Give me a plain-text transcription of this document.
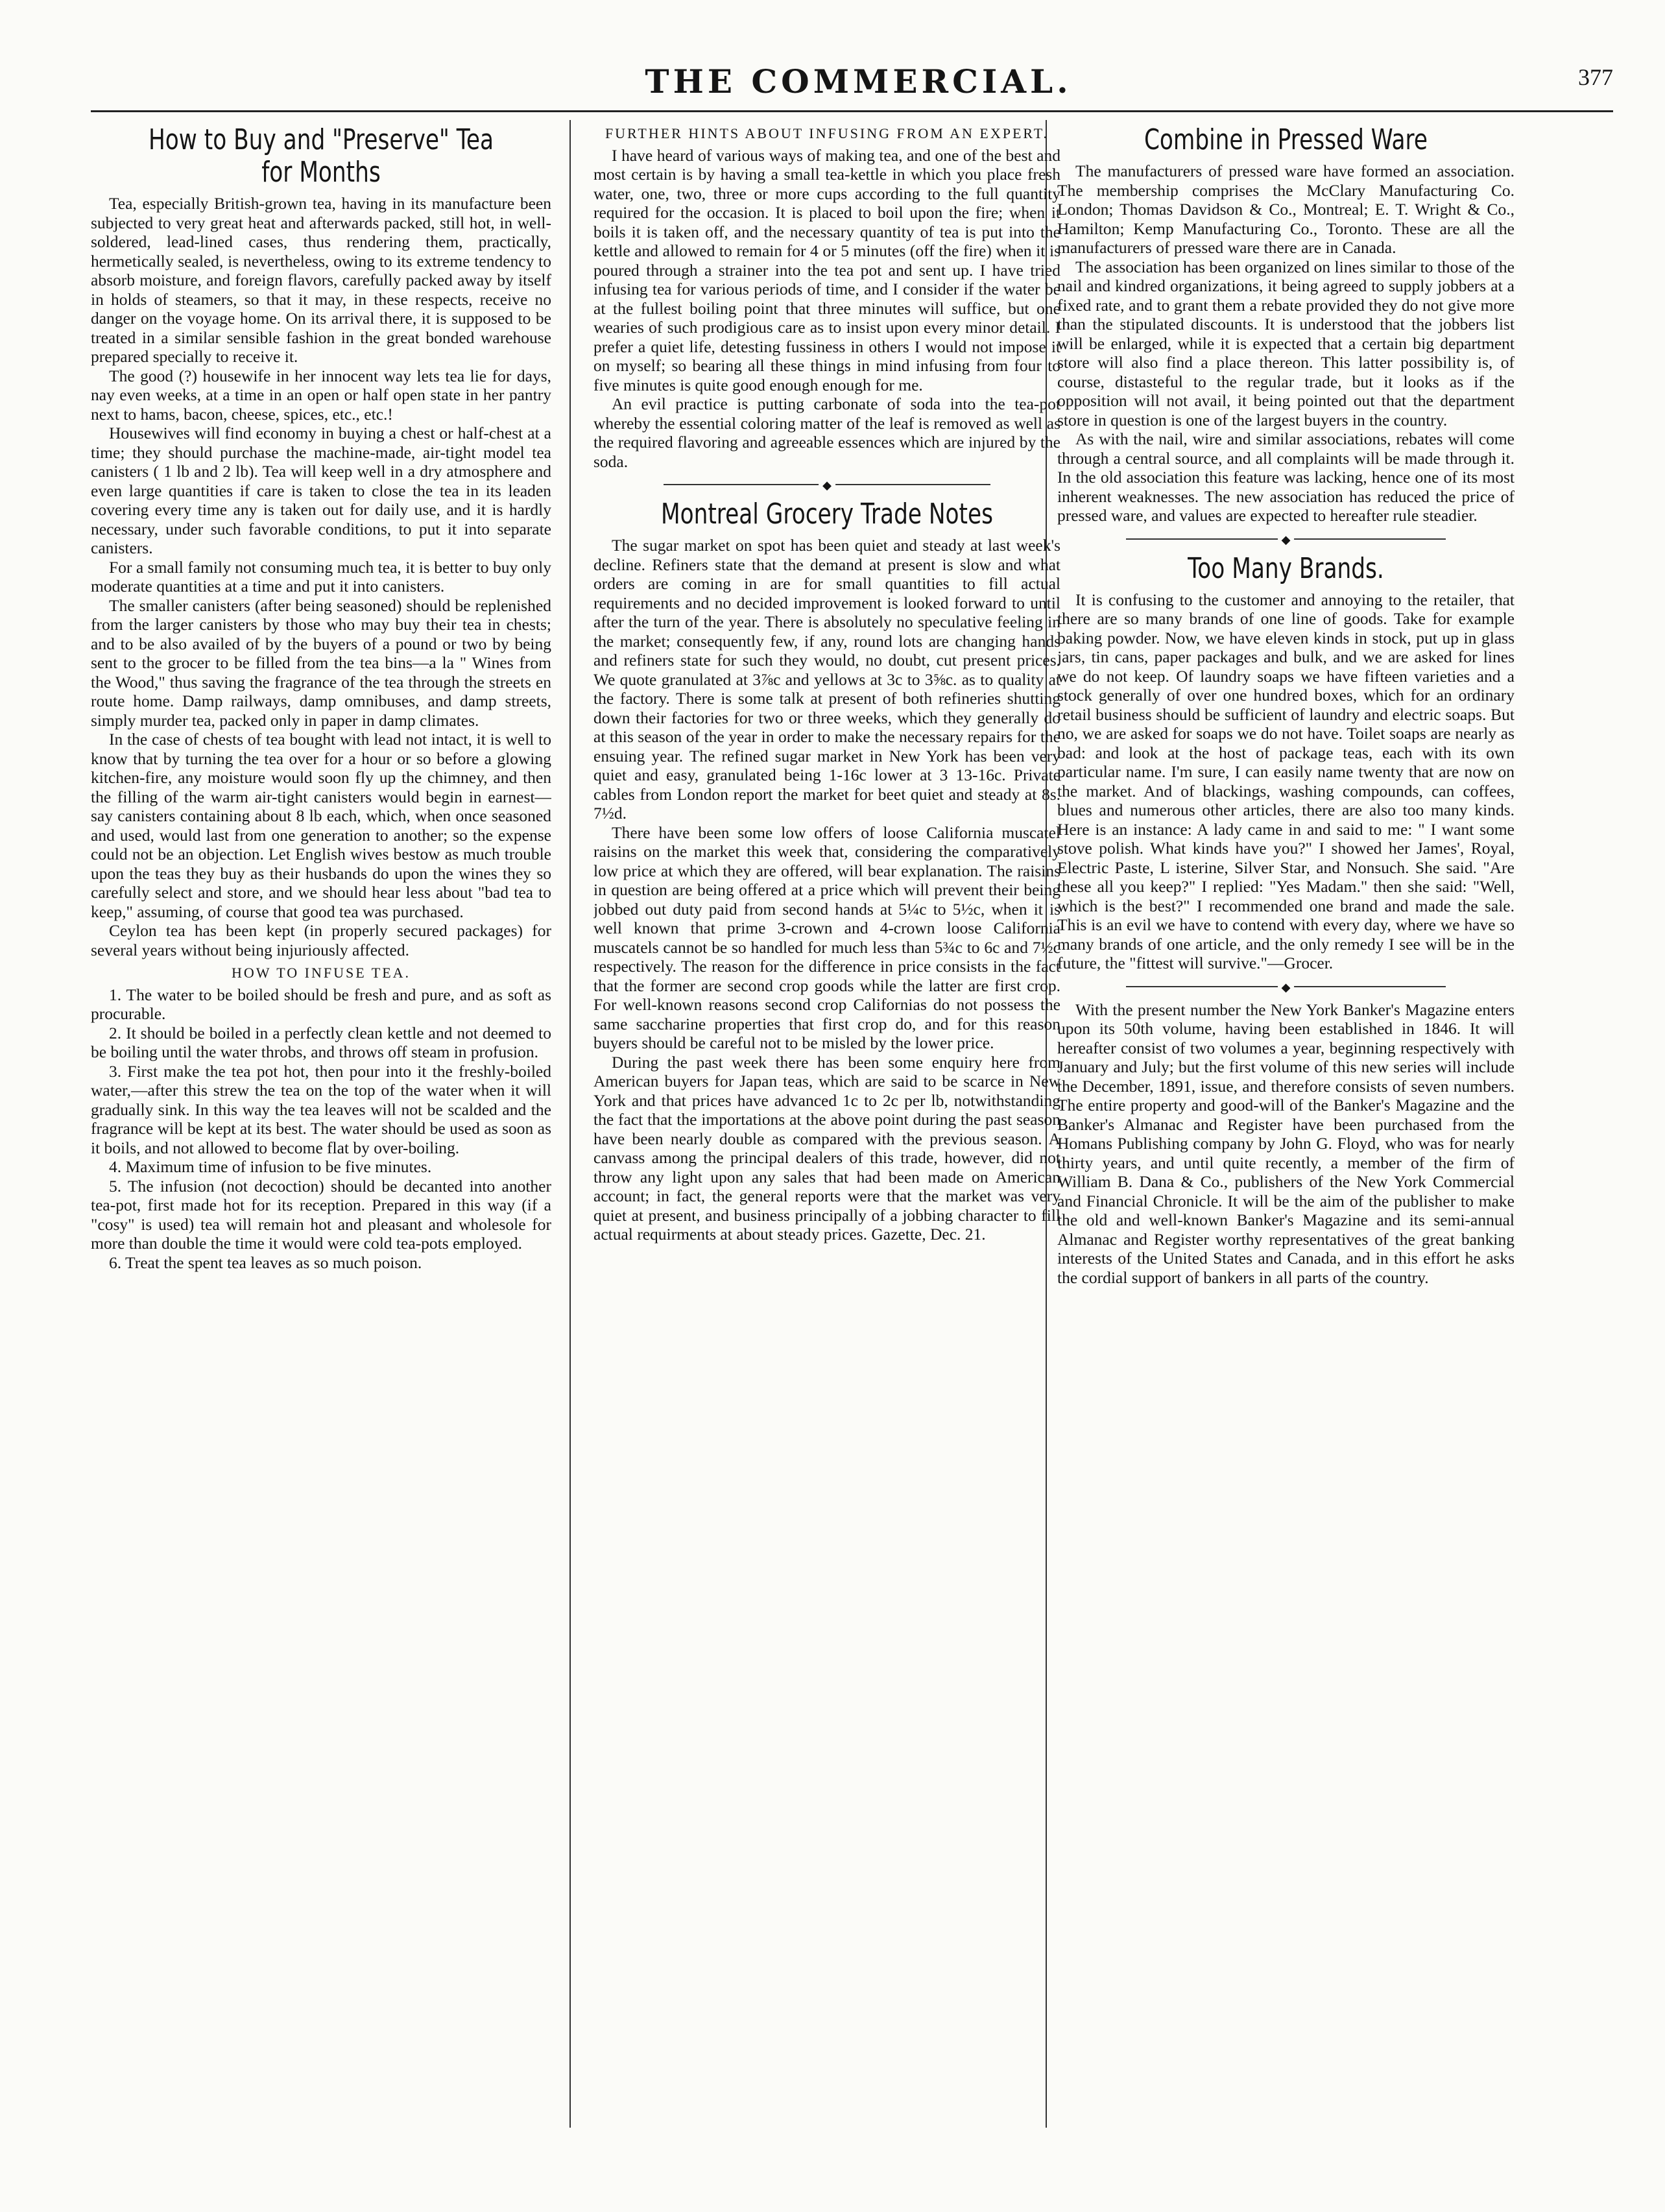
THE COMMERCIAL.	377
How to Buy and "Preserve" Tea for Months

Tea, especially British-grown tea, having in its manufacture been subjected to very great heat and afterwards packed, still hot, in well-soldered, lead-lined cases, thus rendering them, practically, hermetically sealed, is nevertheless, owing to its extreme tendency to absorb moisture, and foreign flavors, carefully packed away by itself in holds of steamers, so that it may, in these respects, receive no danger on the voyage home. On its arrival there, it is supposed to be treated in a similar sensible fashion in the great bonded warehouse prepared specially to receive it.

The good (?) housewife in her innocent way lets tea lie for days, nay even weeks, at a time in an open or half open state in her pantry next to hams, bacon, cheese, spices, etc., etc.!

Housewives will find economy in buying a chest or half-chest at a time; they should purchase the machine-made, air-tight model tea canisters ( 1 lb and 2 lb). Tea will keep well in a dry atmosphere and even large quantities if care is taken to close the tea in its leaden covering every time any is taken out for daily use, and it is hardly necessary, under such favorable conditions, to put it into separate canisters.

For a small family not consuming much tea, it is better to buy only moderate quantities at a time and put it into canisters.

The smaller canisters (after being seasoned) should be replenished from the larger canisters by those who may buy their tea in chests; and to be also availed of by the buyers of a pound or two by being sent to the grocer to be filled from the tea bins—a la " Wines from the Wood," thus saving the fragrance of the tea through the streets en route home. Damp railways, damp omnibuses, and damp streets, simply murder tea, packed only in paper in damp climates.

In the case of chests of tea bought with lead not intact, it is well to know that by turning the tea over for a hour or so before a glowing kitchen-fire, any moisture would soon fly up the chimney, and then the filling of the warm air-tight canisters would begin in earnest—say canisters containing about 8 lb each, which, when once seasoned and used, would last from one generation to another; so the expense could not be an objection. Let English wives bestow as much trouble upon the teas they buy as their husbands do upon the wines they so carefully select and store, and we should hear less about "bad tea to keep," assuming, of course that good tea was purchased.

Ceylon tea has been kept (in properly secured packages) for several years without being injuriously affected.

HOW TO INFUSE TEA.

1. The water to be boiled should be fresh and pure, and as soft as procurable.

2. It should be boiled in a perfectly clean kettle and not deemed to be boiling until the water throbs, and throws off steam in profusion.

3. First make the tea pot hot, then pour into it the freshly-boiled water,—after this strew the tea on the top of the water when it will gradually sink. In this way the tea leaves will not be scalded and the fragrance will be kept at its best. The water should be used as soon as it boils, and not allowed to become flat by over-boiling.

4. Maximum time of infusion to be five minutes.

5. The infusion (not decoction) should be decanted into another tea-pot, first made hot for its reception. Prepared in this way (if a "cosy" is used) tea will remain hot and pleasant and wholesole for more than double the time it would were cold tea-pots employed.

6. Treat the spent tea leaves as so much poison.

FURTHER HINTS ABOUT INFUSING FROM AN EXPERT.

I have heard of various ways of making tea, and one of the best and most certain is by having a small tea-kettle in which you place fresh water, one, two, three or more cups according to the full quantity required for the occasion. It is placed to boil upon the fire; when it boils it is taken off, and the necessary quantity of tea is put into the kettle and allowed to remain for 4 or 5 minutes (off the fire) when it is poured through a strainer into the tea pot and sent up. I have tried infusing tea for various periods of time, and I consider if the water be at the fullest boiling point that three minutes will suffice, but one wearies of such prodigious care as to insist upon every minor detail. I prefer a quiet life, detesting fussiness in others I would not impose it on myself; so bearing all these things in mind infusing from four to five minutes is quite good enough enough for me.

An evil practice is putting carbonate of soda into the tea-pot whereby the essential coloring matter of the leaf is removed as well as the required flavoring and agreeable essences which are injured by the soda.

◆
Montreal Grocery Trade Notes

The sugar market on spot has been quiet and steady at last week's decline. Refiners state that the demand at present is slow and what orders are coming in are for small quantities to fill actual requirements and no decided improvement is looked forward to until after the turn of the year. There is absolutely no speculative feeling in the market; consequently few, if any, round lots are changing hands and refiners state for such they would, no doubt, cut present prices. We quote granulated at 3⅞c and yellows at 3c to 3⅝c. as to quality at the factory. There is some talk at present of both refineries shutting down their factories for two or three weeks, which they generally do at this season of the year in order to make the necessary repairs for the ensuing year. The refined sugar market in New York has been very quiet and easy, granulated being 1-16c lower at 3 13-16c. Private cables from London report the market for beet quiet and steady at 8s. 7½d.

There have been some low offers of loose California muscatel raisins on the market this week that, considering the comparatively low price at which they are offered, will bear explanation. The raisins in question are being offered at a price which will prevent their being jobbed out duty paid from second hands at 5¼c to 5½c, when it is well known that prime 3-crown and 4-crown loose California muscatels cannot be so handled for much less than 5¾c to 6c and 7½c respectively. The reason for the difference in price consists in the fact that the former are second crop goods while the latter are first crop. For well-known reasons second crop Californias do not possess the same saccharine properties that first crop do, and for this reason buyers should be careful not to be misled by the lower price.

During the past week there has been some enquiry here from American buyers for Japan teas, which are said to be scarce in New York and that prices have advanced 1c to 2c per lb, notwithstanding the fact that the importations at the above point during the past season have been nearly double as compared with the previous season. A canvass among the principal dealers of this trade, however, did not throw any light upon any sales that had been made on American account; in fact, the general reports were that the market was very quiet at present, and business principally of a jobbing character to fill actual requirments at about steady prices. Gazette, Dec. 21.

Combine in Pressed Ware

The manufacturers of pressed ware have formed an association. The membership comprises the McClary Manufacturing Co. London; Thomas Davidson & Co., Montreal; E. T. Wright & Co., Hamilton; Kemp Manufacturing Co., Toronto. These are all the manufacturers of pressed ware there are in Canada.

The association has been organized on lines similar to those of the nail and kindred organizations, it being agreed to supply jobbers at a fixed rate, and to grant them a rebate provided they do not give more than the stipulated discounts. It is understood that the jobbers list will be enlarged, while it is expected that a certain big department store will also find a place thereon. This latter possibility is, of course, distasteful to the regular trade, but it looks as if the opposition will not avail, it being pointed out that the department store in question is one of the largest buyers in the country.

As with the nail, wire and similar associations, rebates will come through a central source, and all complaints will be made through it. In the old association this feature was lacking, hence one of its most inherent weaknesses. The new association has reduced the price of pressed ware, and values are expected to hereafter rule steadier.

◆
Too Many Brands.

It is confusing to the customer and annoying to the retailer, that there are so many brands of one line of goods. Take for example baking powder. Now, we have eleven kinds in stock, put up in glass jars, tin cans, paper packages and bulk, and we are asked for lines we do not keep. Of laundry soaps we have fifteen varieties and a stock generally of over one hundred boxes, which for an ordinary retail business should be sufficient of laundry and electric soaps. But no, we are asked for soaps we do not have. Toilet soaps are nearly as bad: and look at the host of package teas, each with its own particular name. I'm sure, I can easily name twenty that are now on the market. And of blackings, washing compounds, can coffees, blues and numerous other articles, there are also too many kinds. Here is an instance: A lady came in and said to me: " I want some stove polish. What kinds have you?" I showed her James', Royal, Electric Paste, L isterine, Silver Star, and Nonsuch. She said. "Are these all you keep?" I replied: "Yes Madam." then she said: "Well, which is the best?" I recommended one brand and made the sale. This is an evil we have to contend with every day, where we have so many brands of one article, and the only remedy I see will be in the future, the "fittest will survive."—Grocer.

◆

With the present number the New York Banker's Magazine enters upon its 50th volume, having been established in 1846. It will hereafter consist of two volumes a year, beginning respectively with January and July; but the first volume of this new series will include the December, 1891, issue, and therefore consists of seven numbers. The entire property and good-will of the Banker's Magazine and the Banker's Almanac and Register have been purchased from the Homans Publishing company by John G. Floyd, who was for nearly thirty years, and until quite recently, a member of the firm of William B. Dana & Co., publishers of the New York Commercial and Financial Chronicle. It will be the aim of the publisher to make the old and well-known Banker's Magazine and its semi-annual Almanac and Register worthy representatives of the great banking interests of the United States and Canada, and in this effort he asks the cordial support of bankers in all parts of the country.
